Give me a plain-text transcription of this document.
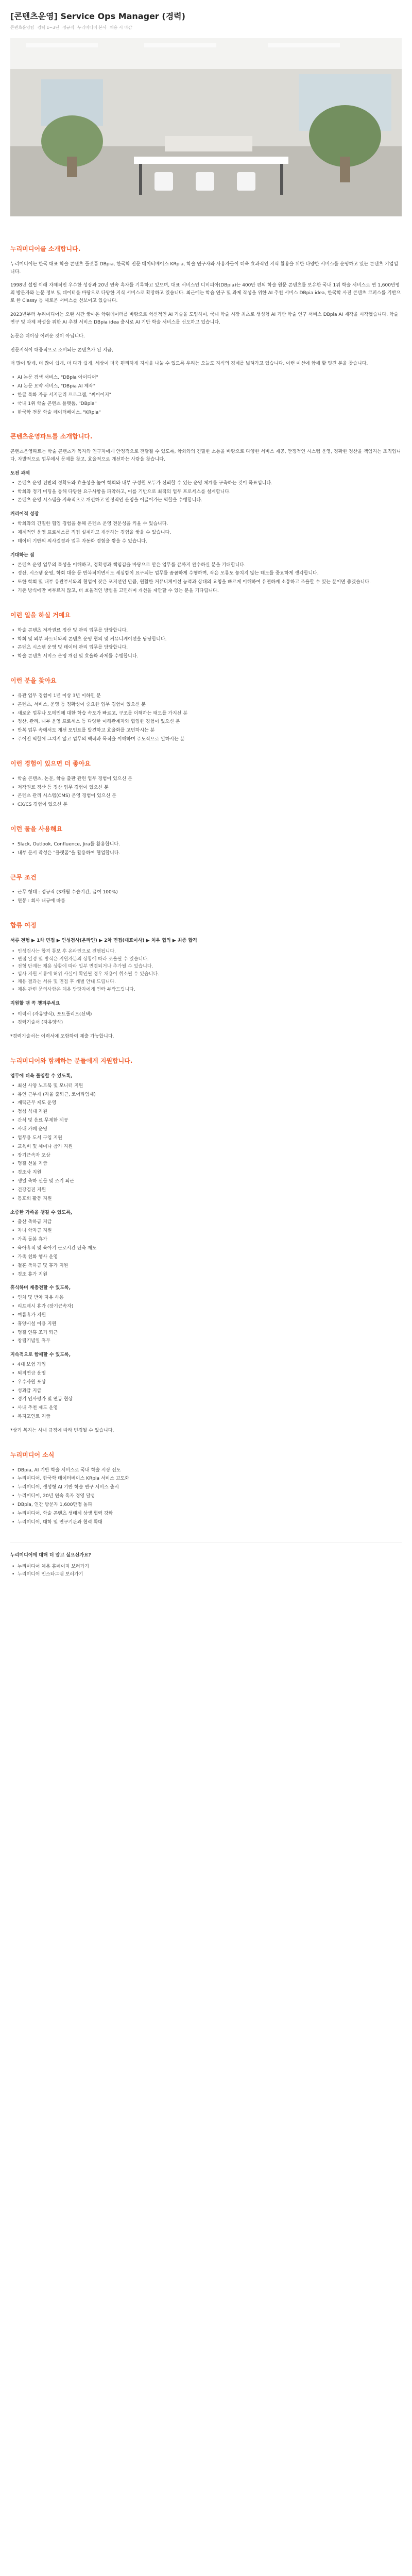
[콘텐츠운영] Service Ops Manager (경력)
콘텐츠운영팀 경력 1~3년 정규직 누리미디어 본사 채용 시 마감
누리미디어를 소개합니다.

누리미디어는 한국 대표 학술 콘텐츠 플랫폼 DBpia, 한국학 전문 데이터베이스 KRpia, 학술 연구자와 사용자들이 더욱 효과적인 지식 활용을 위한 다양한 서비스를 운영하고 있는 콘텐츠 기업입니다.

1998년 설립 이래 자체적인 우수한 성장과 20년 연속 흑자를 기록하고 있으며, 대표 서비스인 디비피아(DBpia)는 400만 편의 학술 원문 콘텐츠를 보유한 국내 1위 학술 서비스로 연 1,600만명의 방문자와 논문 정보 및 데이터를 바탕으로 다양한 지식 서비스로 확장하고 있습니다. 최근에는 학습 연구 및 과제 작성을 위한 AI 추천 서비스 DBpia idea, 한국학 사전 콘텐츠 코퍼스를 기반으로 한 Classy 등 새로운 서비스를 선보이고 있습니다.

2023년부터 누리미디어는 오랜 시간 쌓아온 학위데이터를 바탕으로 혁신적인 AI 기술을 도입하여, 국내 학술 시장 최초로 생성형 AI 기반 학술 연구 서비스 DBpia AI 제작을 시작했습니다. 학술 연구 및 과제 작성을 위한 AI 추천 서비스 DBpia idea 출시로 AI 기반 학술 서비스를 선도하고 있습니다.

논문은 더이상 어려운 것이 아닙니다.

전문지식이 대중적으로 소비되는 콘텐츠가 된 지금,

더 많이 알게, 더 많이 쉽게, 더 다가 쉽게, 세상이 더욱 편리하게 지식을 나눌 수 있도록 우리는 오늘도 지식의 경계를 넓혀가고 있습니다. 이런 미션에 함께 할 멋진 분을 찾습니다.

• AI 논문 검색 서비스, "DBpia 아이디어"
• AI 논문 요약 서비스, "DBpia AI 제작"
• 한글 특화 자동 서지관리 프로그램, "씨이이지"
• 국내 1위 학술 콘텐츠 플랫폼, "DBpia"
• 한국학 전문 학술 데이터베이스, "KRpia"
콘텐츠운영파트를 소개합니다.

콘텐츠운영파트는 학술 콘텐츠가 독자와 연구자에게 안정적으로 전달될 수 있도록, 학회와의 긴밀한 소통을 바탕으로 다양한 서비스 제공, 안정적인 시스템 운영, 정확한 정산을 책임지는 조직입니다. 자발적으로 업무에서 문제를 찾고, 효율적으로 개선하는 사람을 찾습니다.

도전 과제
• 콘텐츠 운영 전반의 정확도와 효율성을 높여 학회와 내부 구성원 모두가 신뢰할 수 있는 운영 체계를 구축하는 것이 목표입니다.
• 학회와 정기 미팅을 통해 다양한 요구사항을 파악하고, 이를 기반으로 최적의 업무 프로세스를 설계합니다.
• 콘텐츠 운영 시스템을 지속적으로 개선하고 안정적인 운영을 이끌어가는 역할을 수행합니다.
커리어적 성장
• 학회와의 긴밀한 협업 경험을 통해 콘텐츠 운영 전문성을 키울 수 있습니다.
• 체계적인 운영 프로세스를 직접 설계하고 개선하는 경험을 쌓을 수 있습니다.
• 데이터 기반의 의사결정과 업무 자동화 경험을 쌓을 수 있습니다.
기대하는 점
• 콘텐츠 운영 업무의 특성을 이해하고, 정확성과 책임감을 바탕으로 맡은 업무를 끝까지 완수하실 분을 기대합니다.
• 정산, 시스템 운영, 학회 대응 등 반복적이면서도 세심함이 요구되는 업무를 꼼꼼하게 수행하며, 작은 오류도 놓치지 않는 태도를 중요하게 생각합니다.
• 또한 학회 및 내부 유관부서와의 협업이 잦은 포지션인 만큼, 원활한 커뮤니케이션 능력과 상대의 요청을 빠르게 이해하여 유연하게 소통하고 조율할 수 있는 분이면 좋겠습니다.
• 기존 방식에만 머무르지 않고, 더 효율적인 방법을 고민하며 개선을 제안할 수 있는 분을 기다립니다.
이런 일을 하실 거예요
• 학술 콘텐츠 저작권료 정산 및 관리 업무를 담당합니다.
• 학회 및 외부 파트너와의 콘텐츠 운영 협의 및 커뮤니케이션을 담당합니다.
• 콘텐츠 시스템 운영 및 데이터 관리 업무를 담당합니다.
• 학술 콘텐츠 서비스 운영 개선 및 효율화 과제를 수행합니다.
이런 분을 찾아요
• 유관 업무 경험이 1년 이상 3년 이하인 분
• 콘텐츠, 서비스, 운영 등 정확성이 중요한 업무 경험이 있으신 분
• 새로운 업무나 도메인에 대한 학습 속도가 빠르고, 구조를 이해하는 태도를 가지신 분
• 정산, 관리, 내부 운영 프로세스 등 다양한 이해관계자와 협업한 경험이 있으신 분
• 반복 업무 속에서도 개선 포인트를 발견하고 효율화를 고민하시는 분
• 주어진 역할에 그치지 않고 업무의 맥락과 목적을 이해하며 주도적으로 일하시는 분
이런 경험이 있으면 더 좋아요
• 학술 콘텐츠, 논문, 학술 출판 관련 업무 경험이 있으신 분
• 저작권료 정산 등 정산 업무 경험이 있으신 분
• 콘텐츠 관리 시스템(CMS) 운영 경험이 있으신 분
• CX/CS 경험이 있으신 분
이런 툴을 사용해요
• Slack, Outlook, Confluence, Jira를 활용합니다.
• 내부 문서 작성은 "플랫폼"을 활용하여 협업합니다.
근무 조건
• 근무 형태 : 정규직 (3개월 수습기간, 급여 100%)
• 연봉 : 회사 내규에 따름
합류 여정

서류 전형 ▶ 1차 면접 ▶ 인성검사(온라인) ▶ 2차 면접(대표이사) ▶ 처우 협의 ▶ 최종 합격

• 인성검사는 합격 통보 후 온라인으로 진행됩니다.
• 면접 일정 및 방식은 지원자분의 상황에 따라 조율될 수 있습니다.
• 전형 단계는 채용 상황에 따라 일부 변경되거나 추가될 수 있습니다.
• 입사 지원 서류에 허위 사실이 확인될 경우 채용이 취소될 수 있습니다.
• 채용 결과는 서류 및 면접 후 개별 안내 드립니다.
• 채용 관련 문의사항은 채용 담당자에게 연락 부탁드립니다.
지원할 땐 꼭 챙겨주세요
• 이력서 (자유양식), 포트폴리오(선택)
• 경력기술서 (자유양식)

*경력기술서는 이력서에 포함하여 제출 가능합니다.

누리미디어와 함께하는 분들에게 지원합니다.
업무에 더욱 몰입할 수 있도록,
• 최신 사양 노트북 및 모니터 지원
• 유연 근무제 (자율 출퇴근, 코어타임제)
• 재택근무 제도 운영
• 점심 식대 지원
• 간식 및 음료 무제한 제공
• 사내 카페 운영
• 업무용 도서 구입 지원
• 교육비 및 세미나 참가 지원
• 장기근속자 포상
• 명절 선물 지급
• 경조사 지원
• 생일 축하 선물 및 조기 퇴근
• 건강검진 지원
• 동호회 활동 지원
소중한 가족을 챙길 수 있도록,
• 출산 축하금 지급
• 자녀 학자금 지원
• 가족 돌봄 휴가
• 육아휴직 및 육아기 근로시간 단축 제도
• 가족 친화 행사 운영
• 결혼 축하금 및 휴가 지원
• 경조 휴가 지원
휴식하며 재충전할 수 있도록,
• 연차 및 반차 자유 사용
• 리프레시 휴가 (장기근속자)
• 여름휴가 지원
• 휴양시설 이용 지원
• 명절 연휴 조기 퇴근
• 창립기념일 휴무
지속적으로 함께할 수 있도록,
• 4대 보험 가입
• 퇴직연금 운영
• 우수사원 포상
• 성과급 지급
• 정기 인사평가 및 연봉 협상
• 사내 추천 제도 운영
• 복지포인트 지급

*상기 복지는 사내 규정에 따라 변경될 수 있습니다.

누리미디어 소식
• DBpia, AI 기반 학술 서비스로 국내 학술 시장 선도
• 누리미디어, 한국학 데이터베이스 KRpia 서비스 고도화
• 누리미디어, 생성형 AI 기반 학술 연구 서비스 출시
• 누리미디어, 20년 연속 흑자 경영 달성
• DBpia, 연간 방문자 1,600만명 돌파
• 누리미디어, 학술 콘텐츠 생태계 상생 협력 강화
• 누리미디어, 대학 및 연구기관과 협력 확대
누리미디어에 대해 더 알고 싶으신가요?
• 누리미디어 채용 홈페이지 보러가기
• 누리미디어 인스타그램 보러가기
